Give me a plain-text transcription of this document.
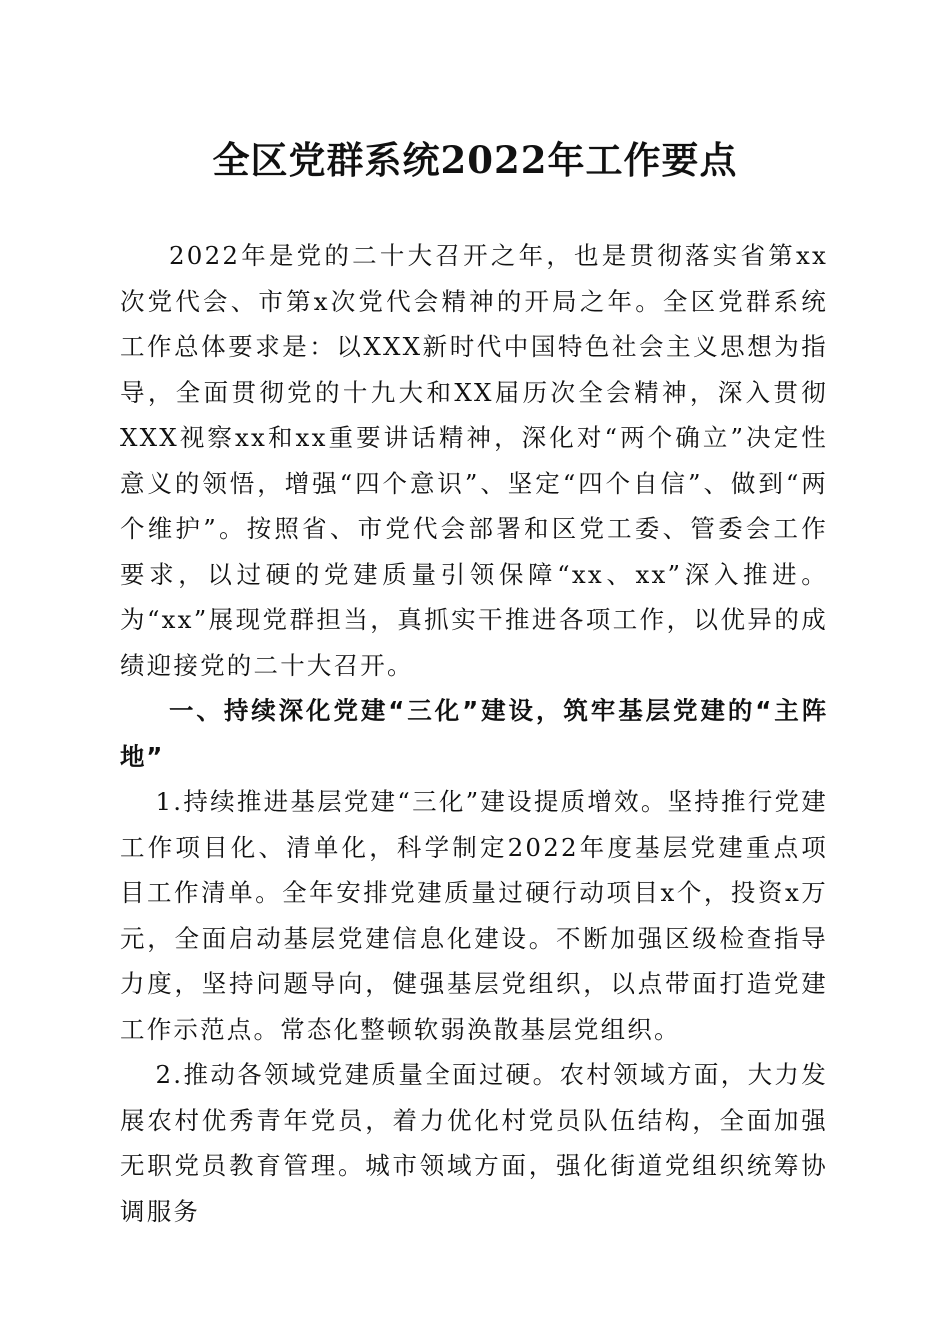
全区党群系统2022年工作要点

2022年是党的二十大召开之年，也是贯彻落实省第xx次党代会、市第x次党代会精神的开局之年。全区党群系统工作总体要求是：以XXX新时代中国特色社会主义思想为指导，全面贯彻党的十九大和XX届历次全会精神，深入贯彻XXX视察xx和xx重要讲话精神，深化对“两个确立”决定性意义的领悟，增强“四个意识”、坚定“四个自信”、做到“两个维护”。按照省、市党代会部署和区党工委、管委会工作要求，以过硬的党建质量引领保障“xx、xx”深入推进。为“xx”展现党群担当，真抓实干推进各项工作，以优异的成绩迎接党的二十大召开。

一、持续深化党建“三化”建设，筑牢基层党建的“主阵地”

1.持续推进基层党建“三化”建设提质增效。坚持推行党建工作项目化、清单化，科学制定2022年度基层党建重点项目工作清单。全年安排党建质量过硬行动项目x个，投资x万元，全面启动基层党建信息化建设。不断加强区级检查指导力度，坚持问题导向，健强基层党组织，以点带面打造党建工作示范点。常态化整顿软弱涣散基层党组织。

2.推动各领域党建质量全面过硬。农村领域方面，大力发展农村优秀青年党员，着力优化村党员队伍结构，全面加强无职党员教育管理。城市领域方面，强化街道党组织统筹协调服务
